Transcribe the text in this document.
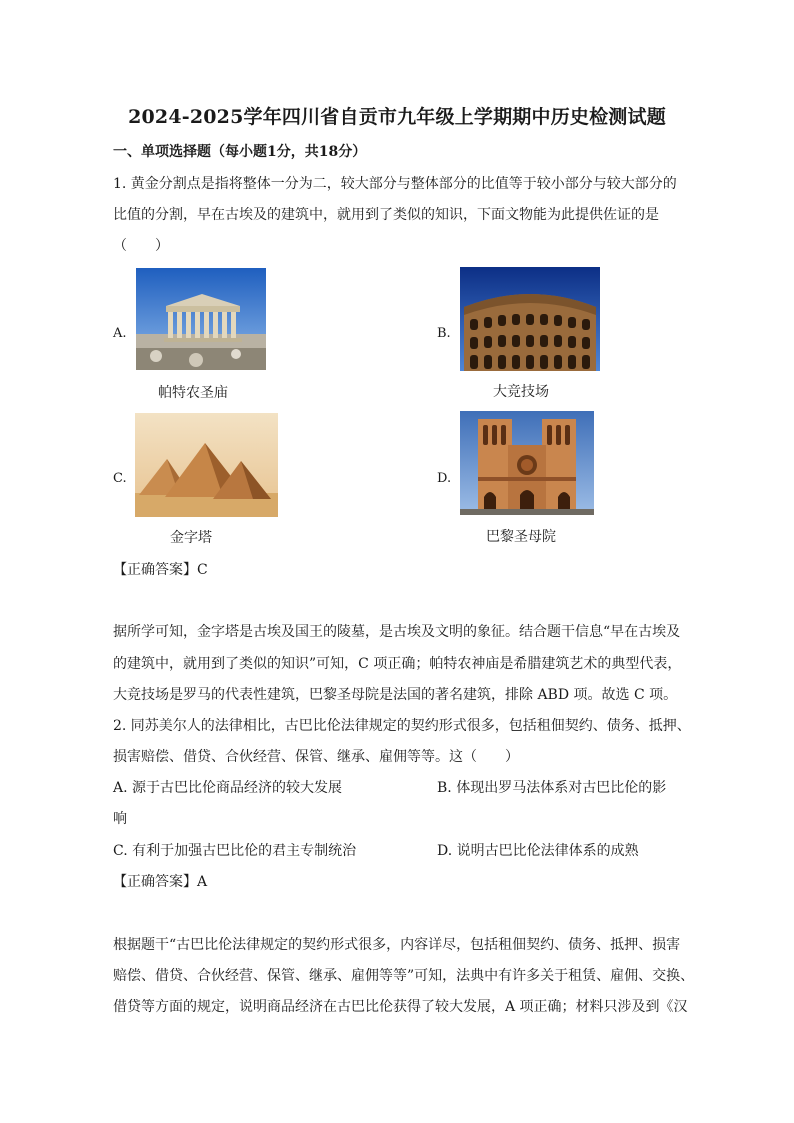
2024-2025学年四川省自贡市九年级上学期期中历史检测试题
一、单项选择题（每小题1分，共18分）
1. 黄金分割点是指将整体一分为二，较大部分与整体部分的比值等于较小部分与较大部分的
比值的分割，早在古埃及的建筑中，就用到了类似的知识，下面文物能为此提供佐证的是
（　　）
A.
帕特农圣庙
B.
大竞技场
C.
金字塔
D.
巴黎圣母院
【正确答案】C
据所学可知，金字塔是古埃及国王的陵墓，是古埃及文明的象征。结合题干信息“早在古埃及
的建筑中，就用到了类似的知识”可知，C 项正确；帕特农神庙是希腊建筑艺术的典型代表，
大竞技场是罗马的代表性建筑，巴黎圣母院是法国的著名建筑，排除 ABD 项。故选 C 项。
2. 同苏美尔人的法律相比，古巴比伦法律规定的契约形式很多，包括租佃契约、债务、抵押、
损害赔偿、借贷、合伙经营、保管、继承、雇佣等等。这（　　）
A. 源于古巴比伦商品经济的较大发展	B. 体现出罗马法体系对古巴比伦的影
响
C. 有利于加强古巴比伦的君主专制统治	D. 说明古巴比伦法律体系的成熟
【正确答案】A
根据题干“古巴比伦法律规定的契约形式很多，内容详尽，包括租佃契约、债务、抵押、损害
赔偿、借贷、合伙经营、保管、继承、雇佣等等”可知，法典中有许多关于租赁、雇佣、交换、
借贷等方面的规定，说明商品经济在古巴比伦获得了较大发展，A 项正确；材料只涉及到《汉
